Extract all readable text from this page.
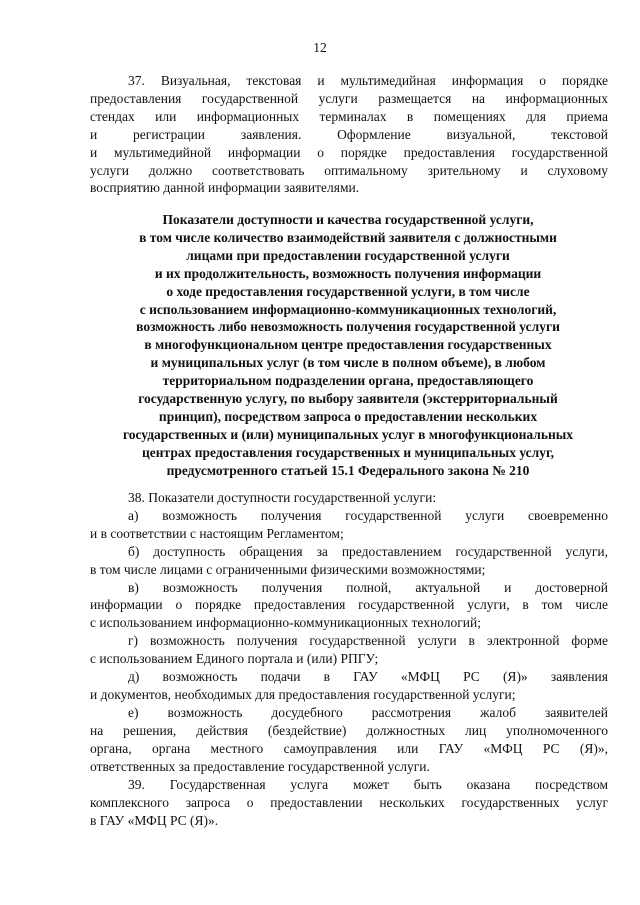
12
37. Визуальная, текстовая и мультимедийная информация о порядке
предоставления государственной услуги размещается на информационных
стендах или информационных терминалах в помещениях для приема
и регистрации заявления. Оформление визуальной, текстовой
и мультимедийной информации о порядке предоставления государственной
услуги должно соответствовать оптимальному зрительному и слуховому
восприятию данной информации заявителями.
Показатели доступности и качества государственной услуги,
в том числе количество взаимодействий заявителя с должностными
лицами при предоставлении государственной услуги
и их продолжительность, возможность получения информации
о ходе предоставления государственной услуги, в том числе
с использованием информационно-коммуникационных технологий,
возможность либо невозможность получения государственной услуги
в многофункциональном центре предоставления государственных
и муниципальных услуг (в том числе в полном объеме), в любом
территориальном подразделении органа, предоставляющего
государственную услугу, по выбору заявителя (экстерриториальный
принцип), посредством запроса о предоставлении нескольких
государственных и (или) муниципальных услуг в многофункциональных
центрах предоставления государственных и муниципальных услуг,
предусмотренного статьей 15.1 Федерального закона № 210
38. Показатели доступности государственной услуги:
а) возможность получения государственной услуги своевременно
и в соответствии с настоящим Регламентом;
б) доступность обращения за предоставлением государственной услуги,
в том числе лицами с ограниченными физическими возможностями;
в) возможность получения полной, актуальной и достоверной
информации о порядке предоставления государственной услуги, в том числе
с использованием информационно-коммуникационных технологий;
г) возможность получения государственной услуги в электронной форме
с использованием Единого портала и (или) РПГУ;
д) возможность подачи в ГАУ «МФЦ РС (Я)» заявления
и документов, необходимых для предоставления государственной услуги;
е) возможность досудебного рассмотрения жалоб заявителей
на решения, действия (бездействие) должностных лиц уполномоченного
органа, органа местного самоуправления или ГАУ «МФЦ РС (Я)»,
ответственных за предоставление государственной услуги.
39. Государственная услуга может быть оказана посредством
комплексного запроса о предоставлении нескольких государственных услуг
в ГАУ «МФЦ РС (Я)».
